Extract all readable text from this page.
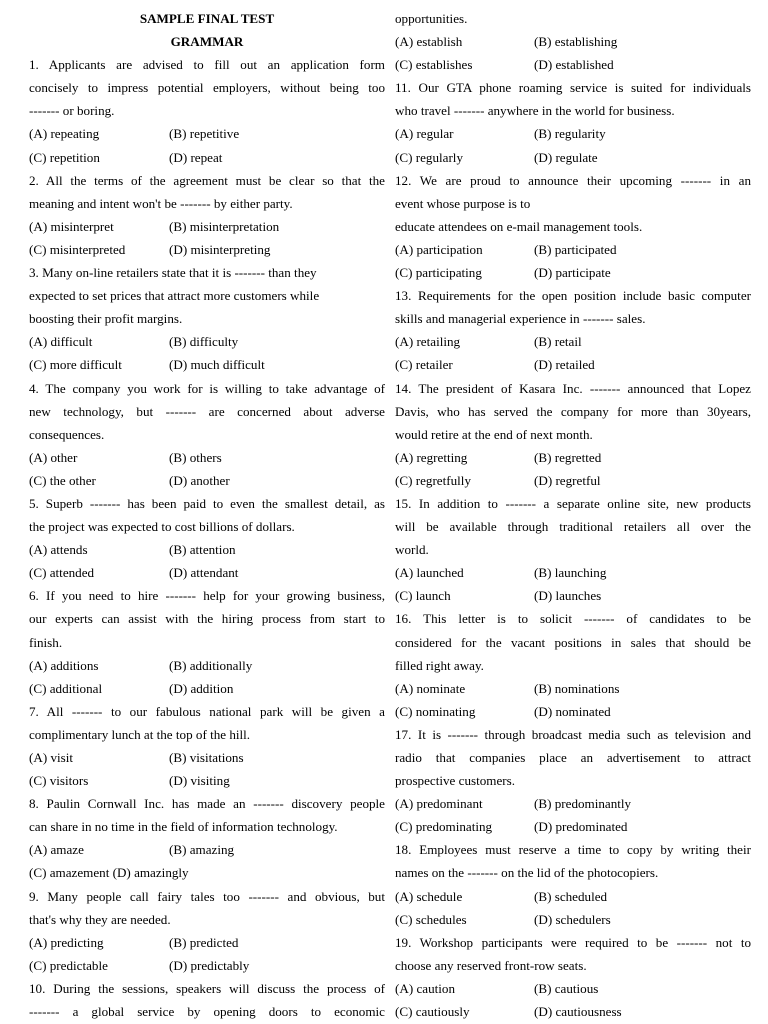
SAMPLE FINAL TEST
GRAMMAR
1. Applicants are advised to fill out an application form
concisely to impress potential employers, without being too
------- or boring.
(A) repeating	(B) repetitive
(C) repetition	(D) repeat
2. All the terms of the agreement must be clear so that the
meaning and intent won't be ------- by either party.
(A) misinterpret	(B) misinterpretation
(C) misinterpreted	(D) misinterpreting
3. Many on-line retailers state that it is ------- than they
expected to set prices that attract more customers while
boosting their profit margins.
(A) difficult	(B) difficulty
(C) more difficult	(D) much difficult
4. The company you work for is willing to take advantage of
new technology, but ------- are concerned about adverse
consequences.
(A) other	(B) others
(C) the other	(D) another
5. Superb ------- has been paid to even the smallest detail, as
the project was expected to cost billions of dollars.
(A) attends	(B) attention
(C) attended	(D) attendant
6. If you need to hire ------- help for your growing business,
our experts can assist with the hiring process from start to
finish.
(A) additions	(B) additionally
(C) additional	(D) addition
7. All ------- to our fabulous national park will be given a
complimentary lunch at the top of the hill.
(A) visit	(B) visitations
(C) visitors	(D) visiting
8. Paulin Cornwall Inc. has made an ------- discovery people
can share in no time in the field of information technology.
(A) amaze	(B) amazing
(C) amazement (D) amazingly
9. Many people call fairy tales too ------- and obvious, but
that's why they are needed.
(A) predicting	(B) predicted
(C) predictable	(D) predictably
10. During the sessions, speakers will discuss the process of
------- a global service by opening doors to economic
opportunities.
(A) establish	(B) establishing
(C) establishes	(D) established
11. Our GTA phone roaming service is suited for individuals
who travel ------- anywhere in the world for business.
(A) regular	(B) regularity
(C) regularly	(D) regulate
12. We are proud to announce their upcoming ------- in an
event whose purpose is to
educate attendees on e-mail management tools.
(A) participation	(B) participated
(C) participating	(D) participate
13. Requirements for the open position include basic computer
skills and managerial experience in ------- sales.
(A) retailing	(B) retail
(C) retailer	(D) retailed
14. The president of Kasara Inc. ------- announced that Lopez
Davis, who has served the company for more than 30years,
would retire at the end of next month.
(A) regretting	(B) regretted
(C) regretfully	(D) regretful
15. In addition to ------- a separate online site, new products
will be available through traditional retailers all over the
world.
(A) launched	(B) launching
(C) launch	(D) launches
16. This letter is to solicit ------- of candidates to be
considered for the vacant positions in sales that should be
filled right away.
(A) nominate	(B) nominations
(C) nominating	(D) nominated
17. It is ------- through broadcast media such as television and
radio that companies place an advertisement to attract
prospective customers.
(A) predominant	(B) predominantly
(C) predominating	(D) predominated
18. Employees must reserve a time to copy by writing their
names on the ------- on the lid of the photocopiers.
(A) schedule	(B) scheduled
(C) schedules	(D) schedulers
19. Workshop participants were required to be ------- not to
choose any reserved front-row seats.
(A) caution	(B) cautious
(C) cautiously	(D) cautiousness
